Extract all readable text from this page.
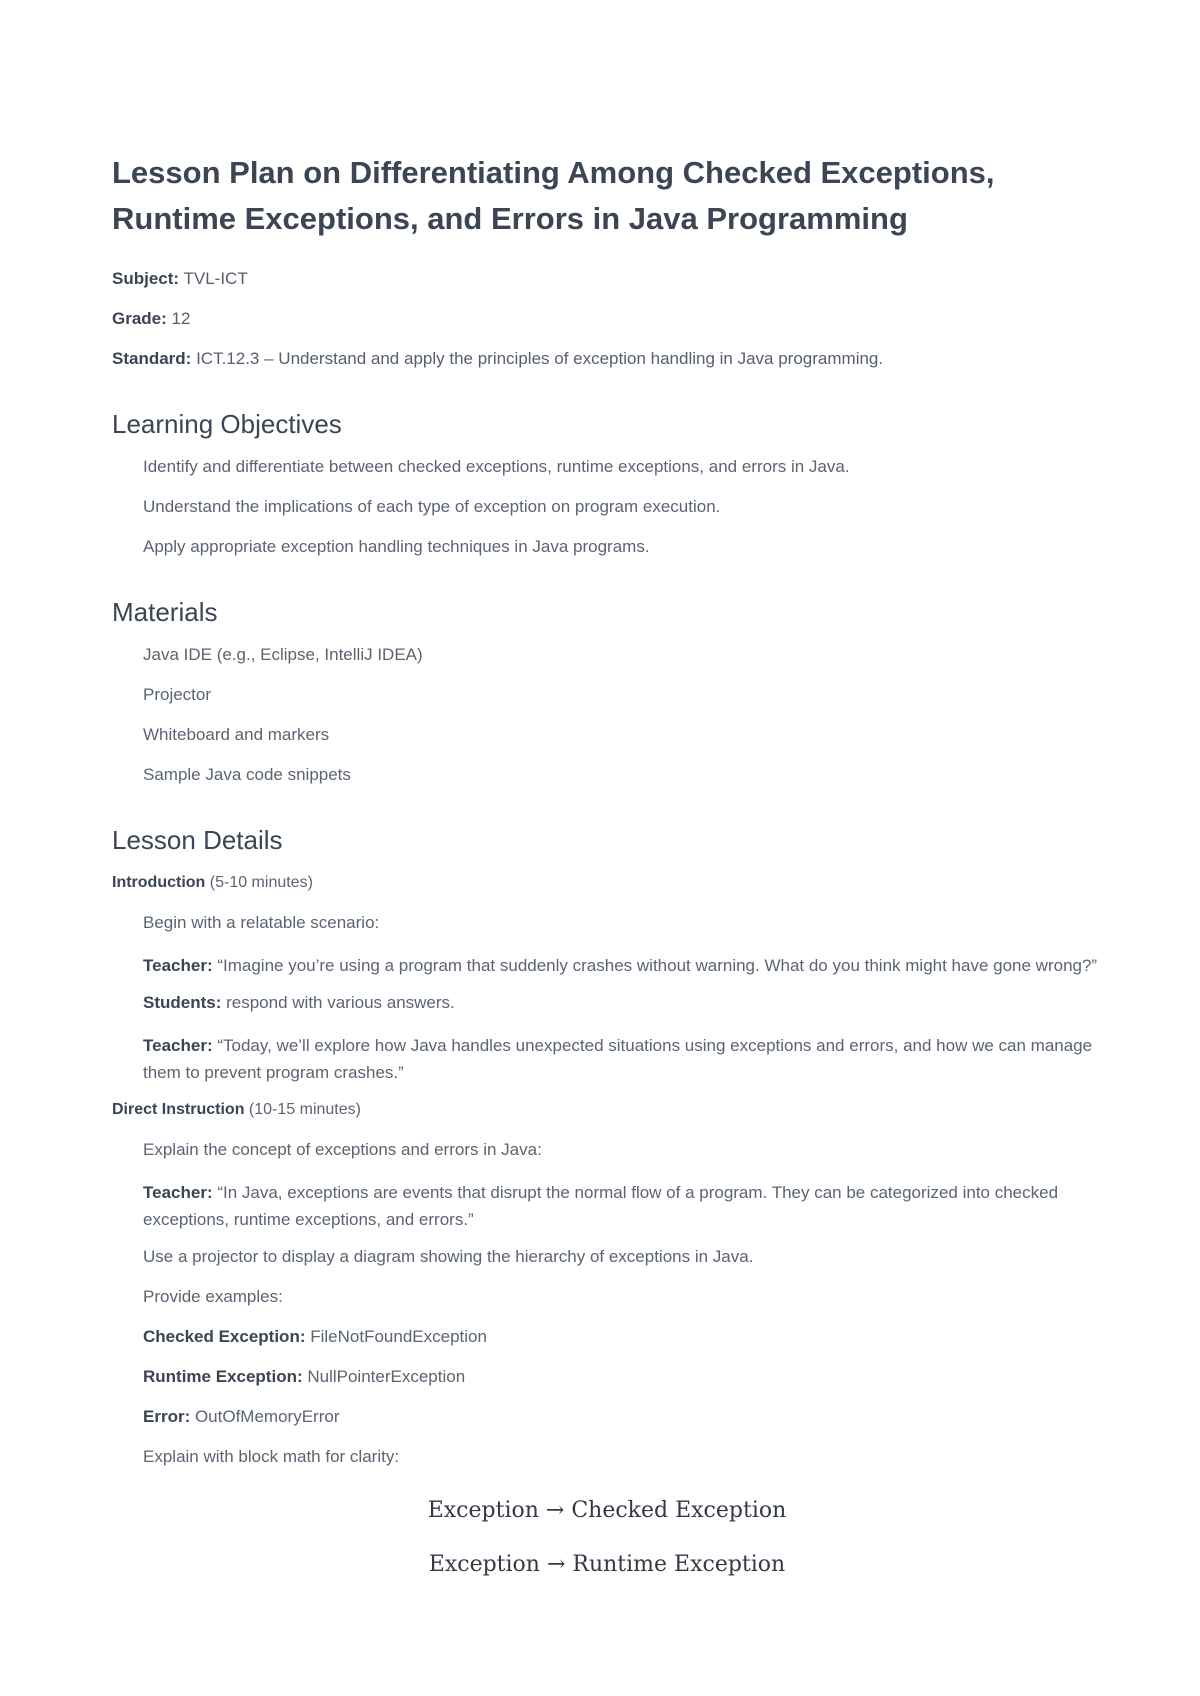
Lesson Plan on Differentiating Among Checked Exceptions, Runtime Exceptions, and Errors in Java Programming
Subject: TVL-ICT
Grade: 12
Standard: ICT.12.3 – Understand and apply the principles of exception handling in Java programming.
Learning Objectives
Identify and differentiate between checked exceptions, runtime exceptions, and errors in Java.
Understand the implications of each type of exception on program execution.
Apply appropriate exception handling techniques in Java programs.
Materials
Java IDE (e.g., Eclipse, IntelliJ IDEA)
Projector
Whiteboard and markers
Sample Java code snippets
Lesson Details
Introduction (5-10 minutes)
Begin with a relatable scenario:
Teacher: “Imagine you’re using a program that suddenly crashes without warning. What do you think might have gone wrong?”
Students: respond with various answers.
Teacher: “Today, we’ll explore how Java handles unexpected situations using exceptions and errors, and how we can manage them to prevent program crashes.”
Direct Instruction (10-15 minutes)
Explain the concept of exceptions and errors in Java:
Teacher: “In Java, exceptions are events that disrupt the normal flow of a program. They can be categorized into checked exceptions, runtime exceptions, and errors.”
Use a projector to display a diagram showing the hierarchy of exceptions in Java.
Provide examples:
Checked Exception: FileNotFoundException
Runtime Exception: NullPointerException
Error: OutOfMemoryError
Explain with block math for clarity:
Exception → Checked Exception
Exception → Runtime Exception
